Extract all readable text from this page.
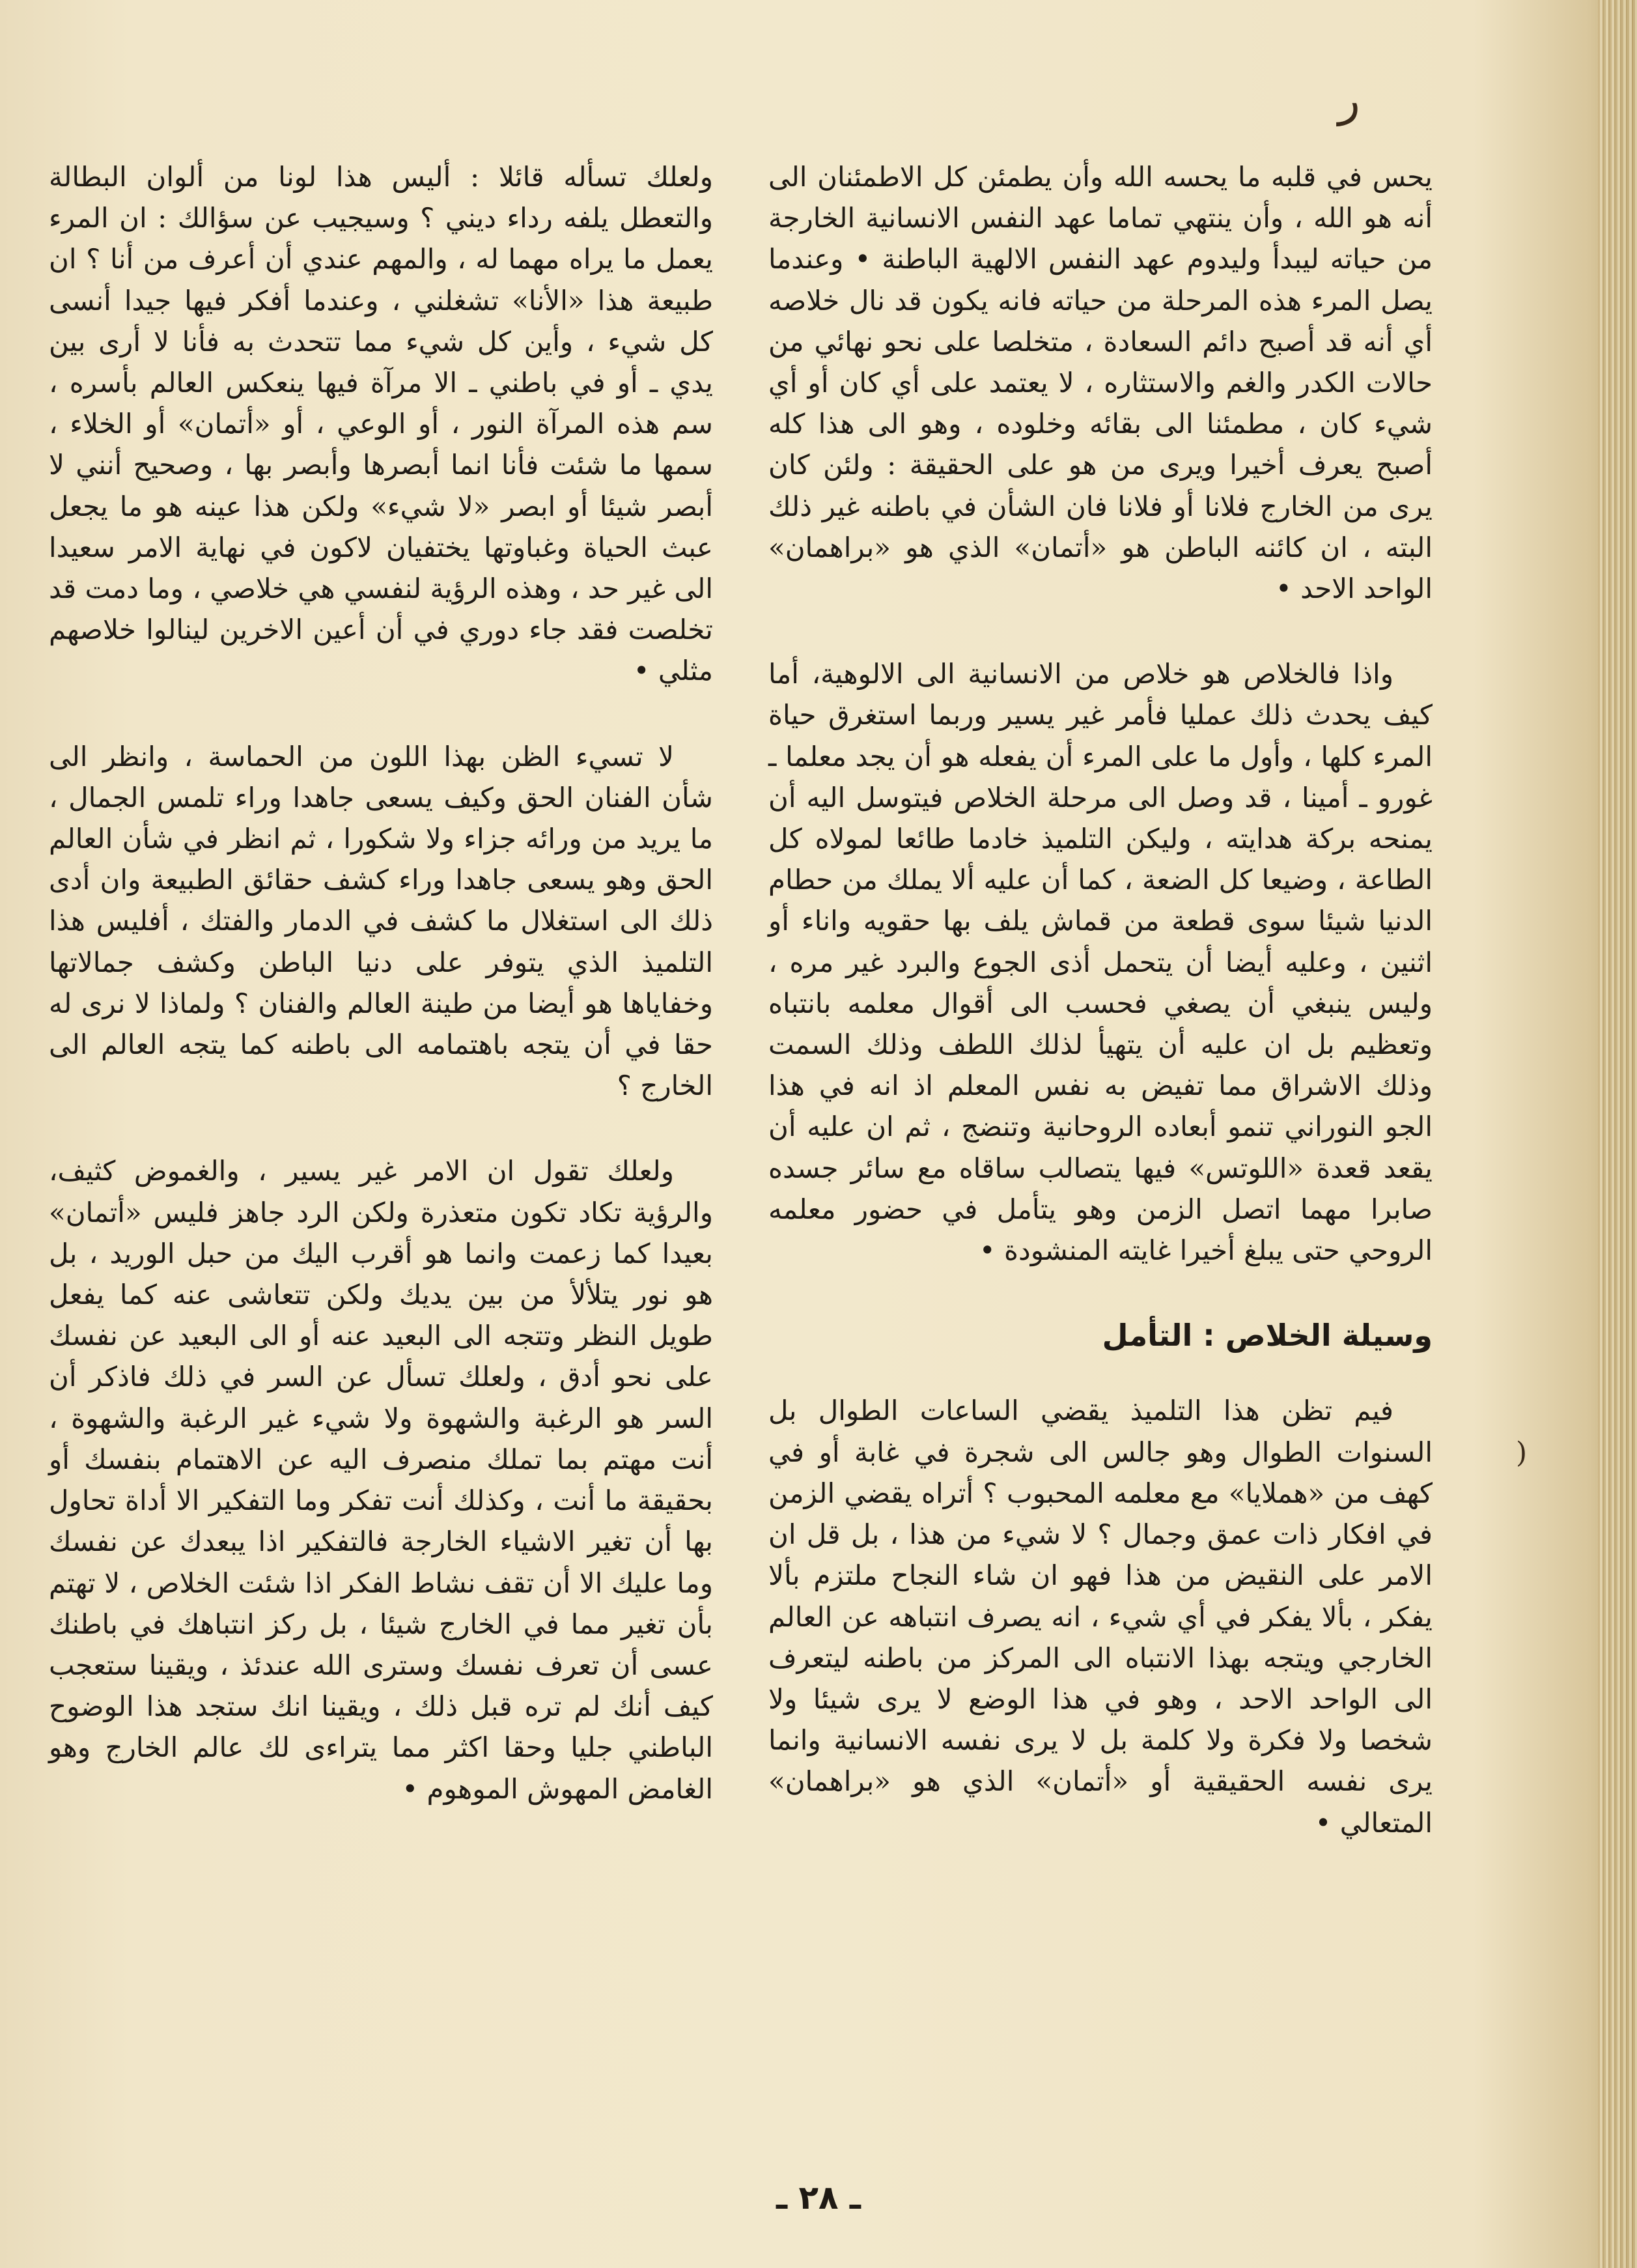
ﺭ
(

يحس في قلبه ما يحسه الله وأن يطمئن كل الاطمئنان الى أنه هو الله ، وأن ينتهي تماما عهد النفس الانسانية الخارجة من حياته ليبدأ وليدوم عهد النفس الالهية الباطنة • وعندما يصل المرء هذه المرحلة من حياته فانه يكون قد نال خلاصه أي أنه قد أصبح دائم السعادة ، متخلصا على نحو نهائي من حالات الكدر والغم والاستثاره ، لا يعتمد على أي كان أو أي شيء كان ، مطمئنا الى بقائه وخلوده ، وهو الى هذا كله أصبح يعرف أخيرا ويرى من هو على الحقيقة : ولئن كان يرى من الخارج فلانا أو فلانا فان الشأن في باطنه غير ذلك البته ، ان كائنه الباطن هو «أتمان» الذي هو «براهمان» الواحد الاحد •

واذا فالخلاص هو خلاص من الانسانية الى الالوهية، أما كيف يحدث ذلك عمليا فأمر غير يسير وربما استغرق حياة المرء كلها ، وأول ما على المرء أن يفعله هو أن يجد معلما ـ غورو ـ أمينا ، قد وصل الى مرحلة الخلاص فيتوسل اليه أن يمنحه بركة هدايته ، وليكن التلميذ خادما طائعا لمولاه كل الطاعة ، وضيعا كل الضعة ، كما أن عليه ألا يملك من حطام الدنيا شيئا سوى قطعة من قماش يلف بها حقويه واناء أو اثنين ، وعليه أيضا أن يتحمل أذى الجوع والبرد غير مره ، وليس ينبغي أن يصغي فحسب الى أقوال معلمه بانتباه وتعظيم بل ان عليه أن يتهيأ لذلك اللطف وذلك السمت وذلك الاشراق مما تفيض به نفس المعلم اذ انه في هذا الجو النوراني تنمو أبعاده الروحانية وتنضج ، ثم ان عليه أن يقعد قعدة «اللوتس» فيها يتصالب ساقاه مع سائر جسده صابرا مهما اتصل الزمن وهو يتأمل في حضور معلمه الروحي حتى يبلغ أخيرا غايته المنشودة •

وسيلة الخلاص : التأمل

فيم تظن هذا التلميذ يقضي الساعات الطوال بل السنوات الطوال وهو جالس الى شجرة في غابة أو في كهف من «هملايا» مع معلمه المحبوب ؟ أتراه يقضي الزمن في افكار ذات عمق وجمال ؟ لا شيء من هذا ، بل قل ان الامر على النقيض من هذا فهو ان شاء النجاح ملتزم بألا يفكر ، بألا يفكر في أي شيء ، انه يصرف انتباهه عن العالم الخارجي ويتجه بهذا الانتباه الى المركز من باطنه ليتعرف الى الواحد الاحد ، وهو في هذا الوضع لا يرى شيئا ولا شخصا ولا فكرة ولا كلمة بل لا يرى نفسه الانسانية وانما يرى نفسه الحقيقية أو «أتمان» الذي هو «براهمان» المتعالي •

ولعلك تسأله قائلا : أليس هذا لونا من ألوان البطالة والتعطل يلفه رداء ديني ؟ وسيجيب عن سؤالك : ان المرء يعمل ما يراه مهما له ، والمهم عندي أن أعرف من أنا ؟ ان طبيعة هذا «الأنا» تشغلني ، وعندما أفكر فيها جيدا أنسى كل شيء ، وأين كل شيء مما تتحدث به فأنا لا أرى بين يدي ـ أو في باطني ـ الا مرآة فيها ينعكس العالم بأسره ، سم هذه المرآة النور ، أو الوعي ، أو «أتمان» أو الخلاء ، سمها ما شئت فأنا انما أبصرها وأبصر بها ، وصحيح أنني لا أبصر شيئا أو ابصر «لا شيء» ولكن هذا عينه هو ما يجعل عبث الحياة وغباوتها يختفيان لاكون في نهاية الامر سعيدا الى غير حد ، وهذه الرؤية لنفسي هي خلاصي ، وما دمت قد تخلصت فقد جاء دوري في أن أعين الاخرين لينالوا خلاصهم مثلي •

لا تسيء الظن بهذا اللون من الحماسة ، وانظر الى شأن الفنان الحق وكيف يسعى جاهدا وراء تلمس الجمال ، ما يريد من ورائه جزاء ولا شكورا ، ثم انظر في شأن العالم الحق وهو يسعى جاهدا وراء كشف حقائق الطبيعة وان أدى ذلك الى استغلال ما كشف في الدمار والفتك ، أفليس هذا التلميذ الذي يتوفر على دنيا الباطن وكشف جمالاتها وخفاياها هو أيضا من طينة العالم والفنان ؟ ولماذا لا نرى له حقا في أن يتجه باهتمامه الى باطنه كما يتجه العالم الى الخارج ؟

ولعلك تقول ان الامر غير يسير ، والغموض كثيف، والرؤية تكاد تكون متعذرة ولكن الرد جاهز فليس «أتمان» بعيدا كما زعمت وانما هو أقرب اليك من حبل الوريد ، بل هو نور يتلألأ من بين يديك ولكن تتعاشى عنه كما يفعل طويل النظر وتتجه الى البعيد عنه أو الى البعيد عن نفسك على نحو أدق ، ولعلك تسأل عن السر في ذلك فاذكر أن السر هو الرغبة والشهوة ولا شيء غير الرغبة والشهوة ، أنت مهتم بما تملك منصرف اليه عن الاهتمام بنفسك أو بحقيقة ما أنت ، وكذلك أنت تفكر وما التفكير الا أداة تحاول بها أن تغير الاشياء الخارجة فالتفكير اذا يبعدك عن نفسك وما عليك الا أن تقف نشاط الفكر اذا شئت الخلاص ، لا تهتم بأن تغير مما في الخارج شيئا ، بل ركز انتباهك في باطنك عسى أن تعرف نفسك وسترى الله عندئذ ، ويقينا ستعجب كيف أنك لم تره قبل ذلك ، ويقينا انك ستجد هذا الوضوح الباطني جليا وحقا اكثر مما يتراءى لك عالم الخارج وهو الغامض المهوش الموهوم •

ـ ٢٨ ـ
